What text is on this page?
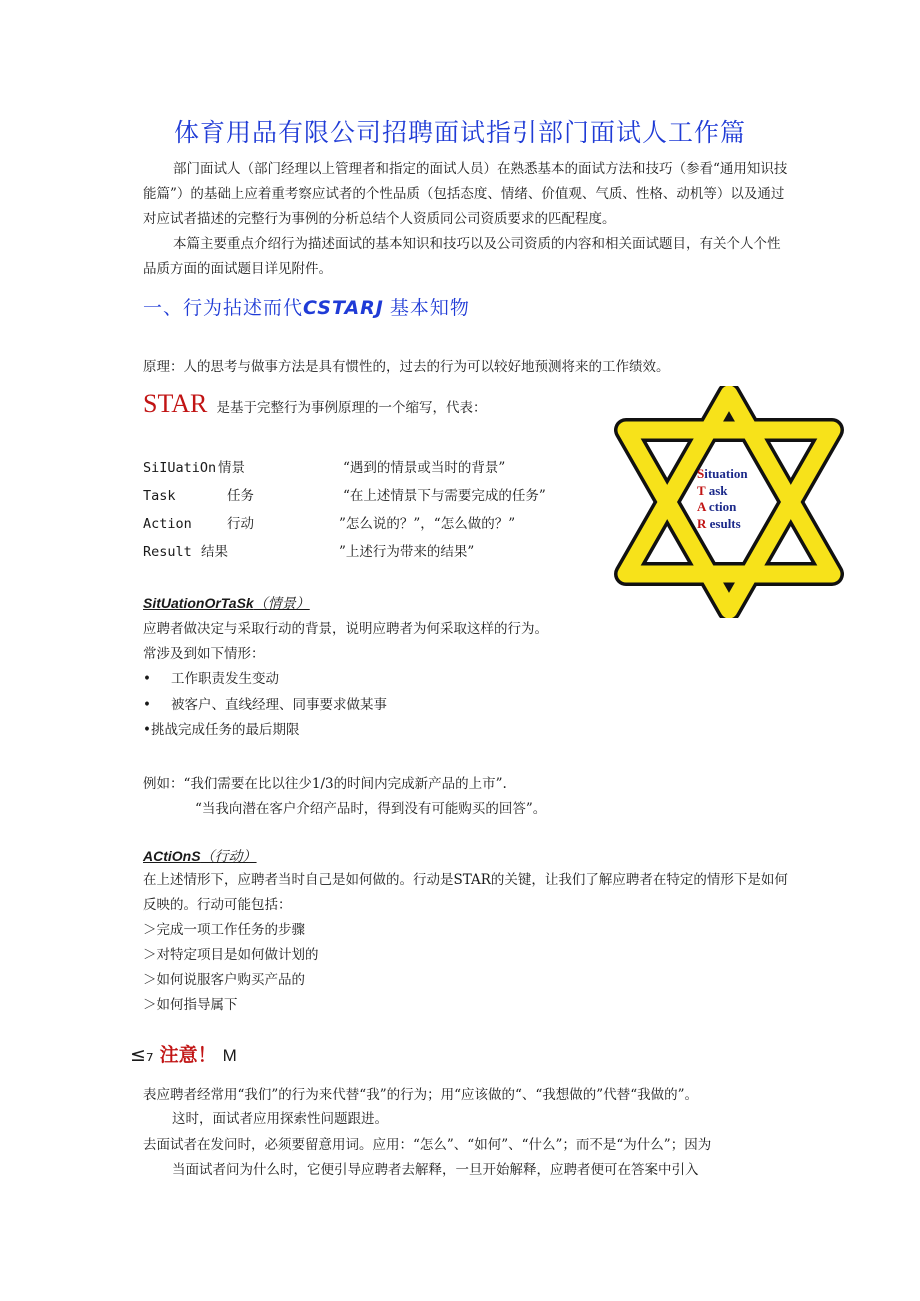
体育用品有限公司招聘面试指引部门面试人工作篇
部门面试人（部门经理以上管理者和指定的面试人员）在熟悉基本的面试方法和技巧（参看“通用知识技能篇”）的基础上应着重考察应试者的个性品质（包括态度、情绪、价值观、气质、性格、动机等）以及通过对应试者描述的完整行为事例的分析总结个人资质同公司资质要求的匹配程度。
本篇主要重点介绍行为描述面试的基本知识和技巧以及公司资质的内容和相关面试题目，有关个人个性品质方面的面试题目详见附件。
一、行为拈述而代CSTARJ 基本知物
原理：人的思考与做事方法是具有惯性的，过去的行为可以较好地预测将来的工作绩效。
STAR 是基于完整行为事例原理的一个缩写，代表：
SiIUatiOn 情景	“遇到的情景或当时的背景”
Task	任务	“在上述情景下与需要完成的任务”
Action	行动	”怎么说的？”，“怎么做的？”
Result 结果	”上述行为带来的结果”
Situation
T ask
A ction
R esults
SitUationOrTaSk（情景）
应聘者做决定与采取行动的背景，说明应聘者为何采取这样的行为。
常涉及到如下情形：
• 工作职责发生变动
• 被客户、直线经理、同事要求做某事
•挑战完成任务的最后期限
例如：“我们需要在比以往少1/3的时间内完成新产品的上市”.
“当我向潜在客户介绍产品时，得到没有可能购买的回答”。
ACtiOnS（行动）
在上述情形下，应聘者当时自己是如何做的。行动是STAR的关键，让我们了解应聘者在特定的情形下是如何反映的。行动可能包括：
＞完成一项工作任务的步骤
＞对特定项目是如何做计划的
＞如何说服客户购买产品的
＞如何指导属下
≤₇ 注意！ M
表应聘者经常用“我们”的行为来代替“我”的行为；用“应该做的“、“我想做的”代替“我做的”。
这时，面试者应用探索性问题跟进。
去面试者在发问时，必须要留意用词。应用：“怎么”、“如何”、“什么”；而不是“为什么”；因为
当面试者问为什么时，它便引导应聘者去解释，一旦开始解释，应聘者便可在答案中引入
